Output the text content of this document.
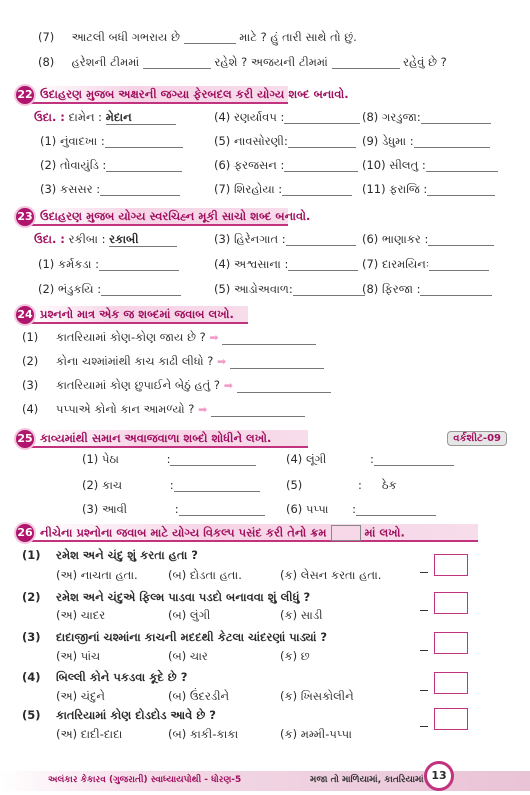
(7) આટલી બધી ગભરાય છે	માટે ? હું તારી સાથે તો છું.
(8) હરેશની ટીમમાં	રહેશે ? અજયની ટીમમાં	રહેવું છે ?
22 ઉદાહરણ મુજબ અક્ષરની જગ્યા ફેરબદલ કરી યોગ્ય શબ્દ બનાવો.
ઉદા. : દામેન : મેદાન	(4) રણર્યાવપ :	(8) ગરડુજા:
(1) નુંવાદખા :	(5) નાવસોરણી:	(9) ડેધુમા :
(2) તોવાયુંડિ :	(6) ફરજસન :	(10) સીલતુ :
(3) કસસર :	(7) શિરહોયા :	(11) ફરાજિ :
23 ઉદાહરણ મુજબ યોગ્ય સ્વરચિહ્ન મૂકી સાચો શબ્દ બનાવો.
ઉદા. : રકીબા : રકાબી	(3) હિરેનગાત :	(6) ભાણાકર :
(1) કર્મકડા :	(4) અશ્વસાના :	(7) દારમયિનઃ
(2) ભંડુકયિ :	(5) આડોઅવાળ:	(8) ફિરજા :
24 પ્રશ્નનો માત્ર એક જ શબ્દમાં જવાબ લખો.
(1) કાતરિયામાં કોણ-કોણ જાય છે ? ➡
(2) કોના ચશ્માંમાંથી કાચ કાઢી લીધો ? ➡
(3) કાતરિયામાં કોણ છુપાઈને બેઠું હતું ? ➡
(4) પપ્પાએ કોનો કાન આમળ્યો ? ➡
25 કાવ્યમાંથી સમાન અવાજવાળા શબ્દો શોધીને લખો.	વર્કશીટ-09
(1) પેઠા	:	(4) લૂંગી	:
(2) કાચ	:	(5)	: ઠેક
(3) આવી	:	(6) પપ્પા :
26 નીચેના પ્રશ્નોના જવાબ માટે યોગ્ય વિકલ્પ પસંદ કરી તેનો ક્રમ	માં લખો.
(1) રમેશ અને ચંદુ શું કરતા હતા ?
(અ) નાચતા હતા.	(બ) દોડતા હતા.	(ક) લેસન કરતા હતા.
(2) રમેશ અને ચંદુએ ફિલ્મ પાડવા પડદો બનાવવા શું લીધું ?
(અ) ચાદર	(બ) લુંગી	(ક) સાડી
(3) દાદાજીનાં ચશ્માંના કાચની મદદથી કેટલા ચાંદરણાં પાડ્યાં ?
(અ) પાંચ	(બ) ચાર	(ક) છ
(4) બિલ્લી કોને પકડવા કૂદે છે ?
(અ) ચંદુને	(બ) ઉંદરડીને	(ક) ખિસકોલીને
(5) કાતરિયામાં કોણ દોડદોડ આવે છે ?
(અ) દાદી-દાદા	(બ) કાકી-કાકા	(ક) મમ્મી-પપ્પા
અલંકાર કેકારવ (ગુજરાતી) સ્વાધ્યાયપોથી - ધોરણ-5	મજા તો માળિયામાં, કાતરિયામાં 13
